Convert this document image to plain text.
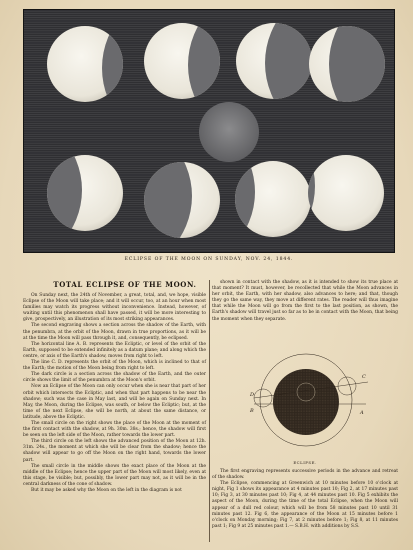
ECLIPSE OF THE MOON ON SUNDAY, NOV. 24, 1844.
TOTAL ECLIPSE OF THE MOON.

On Sunday next, the 24th of November, a great, total, and, we hope, visible Eclipse of the Moon will take place; and it will occur, too, at an hour when most families may watch its progress without inconvenience. Instead, however, of waiting until this phenomenon shall have passed, it will be more interesting to give, prospectively, an illustration of its most striking appearances.

The second engraving shows a section across the shadow of the Earth, with the penumbra, at the orbit of the Moon, drawn in true proportions, as it will be at the time the Moon will pass through it, and, consequently, be eclipsed.

The horizontal line A. B. represents the Ecliptic, or level of the orbit of the Earth, supposed to be extended infinitely as a datum plane; and along which the centre, or axis of the Earth's shadow, moves from right to left.

The line C. D. represents the orbit of the Moon, which is inclined to that of the Earth; the motion of the Moon being from right to left.

The dark circle is a section across the shadow of the Earth, and the outer circle shows the limit of the penumbra at the Moon's orbit.

Now an Eclipse of the Moon can only occur when she is near that part of her orbit which intersects the Ecliptic, and when that part happens to be near the shadow; such was the case in May last, and will be again on Sunday next. In May, the Moon, during the Eclipse, was south, or below the Ecliptic; but, at the time of the next Eclipse, she will be north, at about the same distance, or latitude, above the Ecliptic.

The small circle on the right shows the place of the Moon at the moment of the first contact with the shadow, at 9h. 30m. 38s.; hence, the shadow will first be seen on the left side of the Moon, rather towards the lower part.

The third circle on the left shows the advanced position of the Moon at 12h. 31m. 24s., the moment at which she will be clear from the shadow; hence the shadow will appear to go off the Moon on the right hand, towards the lower part.

The small circle in the middle shows the exact place of the Moon at the middle of the Eclipse; hence the upper part of the Moon will most likely, even at this stage, be visible; but, possibly, the lower part may not, as it will be in the central darkness of the cone of shadow.

But it may be asked why the Moon on the left in the diagram is not

shown in contact with the shadow, as it is intended to show its true place at that moment? It must, however, be recollected that while the Moon advances in her orbit, the Earth, with her shadow, also advances to here; and that, though they go the same way, they move at different rates. The reader will thus imagine that while the Moon will go from the first to the last position, as shown, the Earth's shadow will travel just so far as to be in contact with the Moon, that being the moment when they separate.

C
A
B
D
ECLIPSE.

The first engraving represents successive periods in the advance and retreat of the shadow.

The Eclipse, commencing at Greenwich at 10 minutes before 10 o'clock at night, Fig 1 shows its appearance at 4 minutes past 10; Fig 2, at 17 minutes past 10; Fig 3, at 30 minutes past 10; Fig 4, at 44 minutes past 10. Fig 5 exhibits the aspect of the Moon, during the time of the total Eclipse, when the Moon will appear of a dull red colour, which will be from 58 minutes past 10 until 31 minutes past 12. Fig 6, the appearance of the Moon at 15 minutes before 1 o'clock on Monday morning; Fig 7, at 2 minutes before 1; Fig 8, at 11 minutes past 1; Fig 9 at 25 minutes past 1.— S.B.H. with additions by S.S.
